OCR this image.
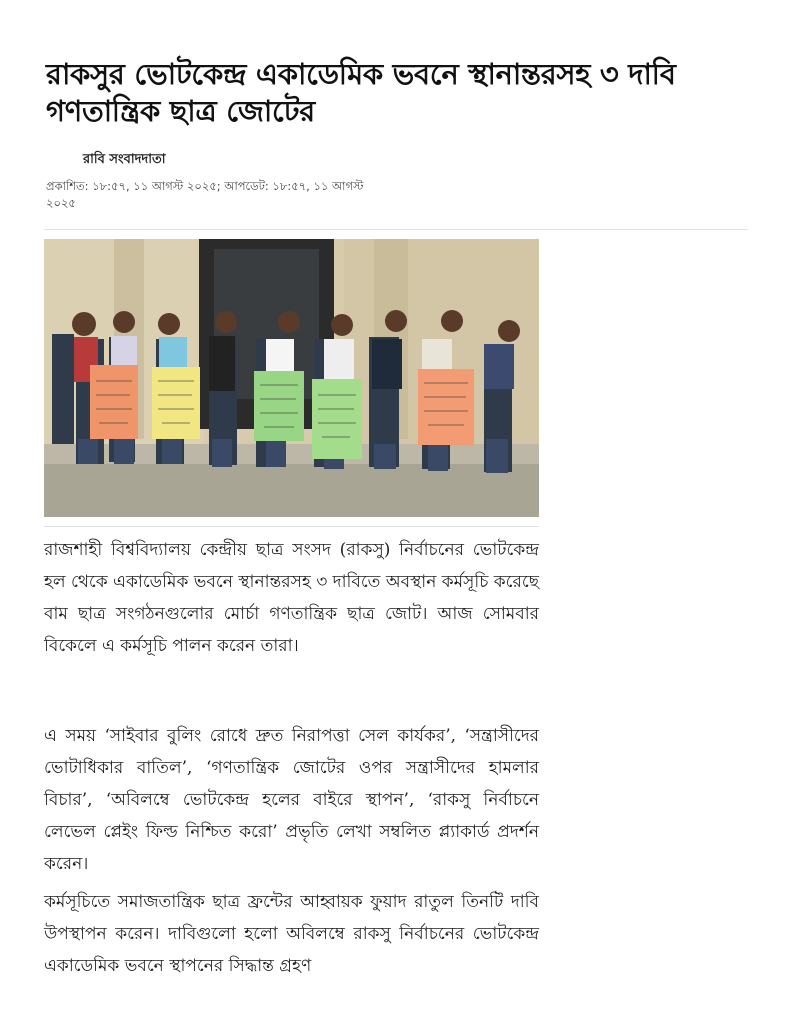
রাকসুর ভোটকেন্দ্র একাডেমিক ভবনে স্থানান্তরসহ ৩ দাবি গণতান্ত্রিক ছাত্র জোটের
রাবি সংবাদদাতা
প্রকাশিত: ১৮:৫৭, ১১ আগস্ট ২০২৫; আপডেট: ১৮:৫৭, ১১ আগস্ট ২০২৫

রাজশাহী বিশ্ববিদ্যালয় কেন্দ্রীয় ছাত্র সংসদ (রাকসু) নির্বাচনের ভোটকেন্দ্র হল থেকে একাডেমিক ভবনে স্থানান্তরসহ ৩ দাবিতে অবস্থান কর্মসূচি করেছে বাম ছাত্র সংগঠনগুলোর মোর্চা গণতান্ত্রিক ছাত্র জোট। আজ সোমবার বিকেলে এ কর্মসূচি পালন করেন তারা।

এ সময় ‘সাইবার বুলিং রোধে দ্রুত নিরাপত্তা সেল কার্যকর’, ‘সন্ত্রাসীদের ভোটাধিকার বাতিল’, ‘গণতান্ত্রিক জোটের ওপর সন্ত্রাসীদের হামলার বিচার’, ‘অবিলম্বে ভোটকেন্দ্র হলের বাইরে স্থাপন’, ‘রাকসু নির্বাচনে লেভেল প্লেইং ফিল্ড নিশ্চিত করো’ প্রভৃতি লেখা সম্বলিত প্ল্যাকার্ড প্রদর্শন করেন।

কর্মসূচিতে সমাজতান্ত্রিক ছাত্র ফ্রন্টের আহ্বায়ক ফুয়াদ রাতুল তিনটি দাবি উপস্থাপন করেন। দাবিগুলো হলো অবিলম্বে রাকসু নির্বাচনের ভোটকেন্দ্র একাডেমিক ভবনে স্থাপনের সিদ্ধান্ত গ্রহণ
